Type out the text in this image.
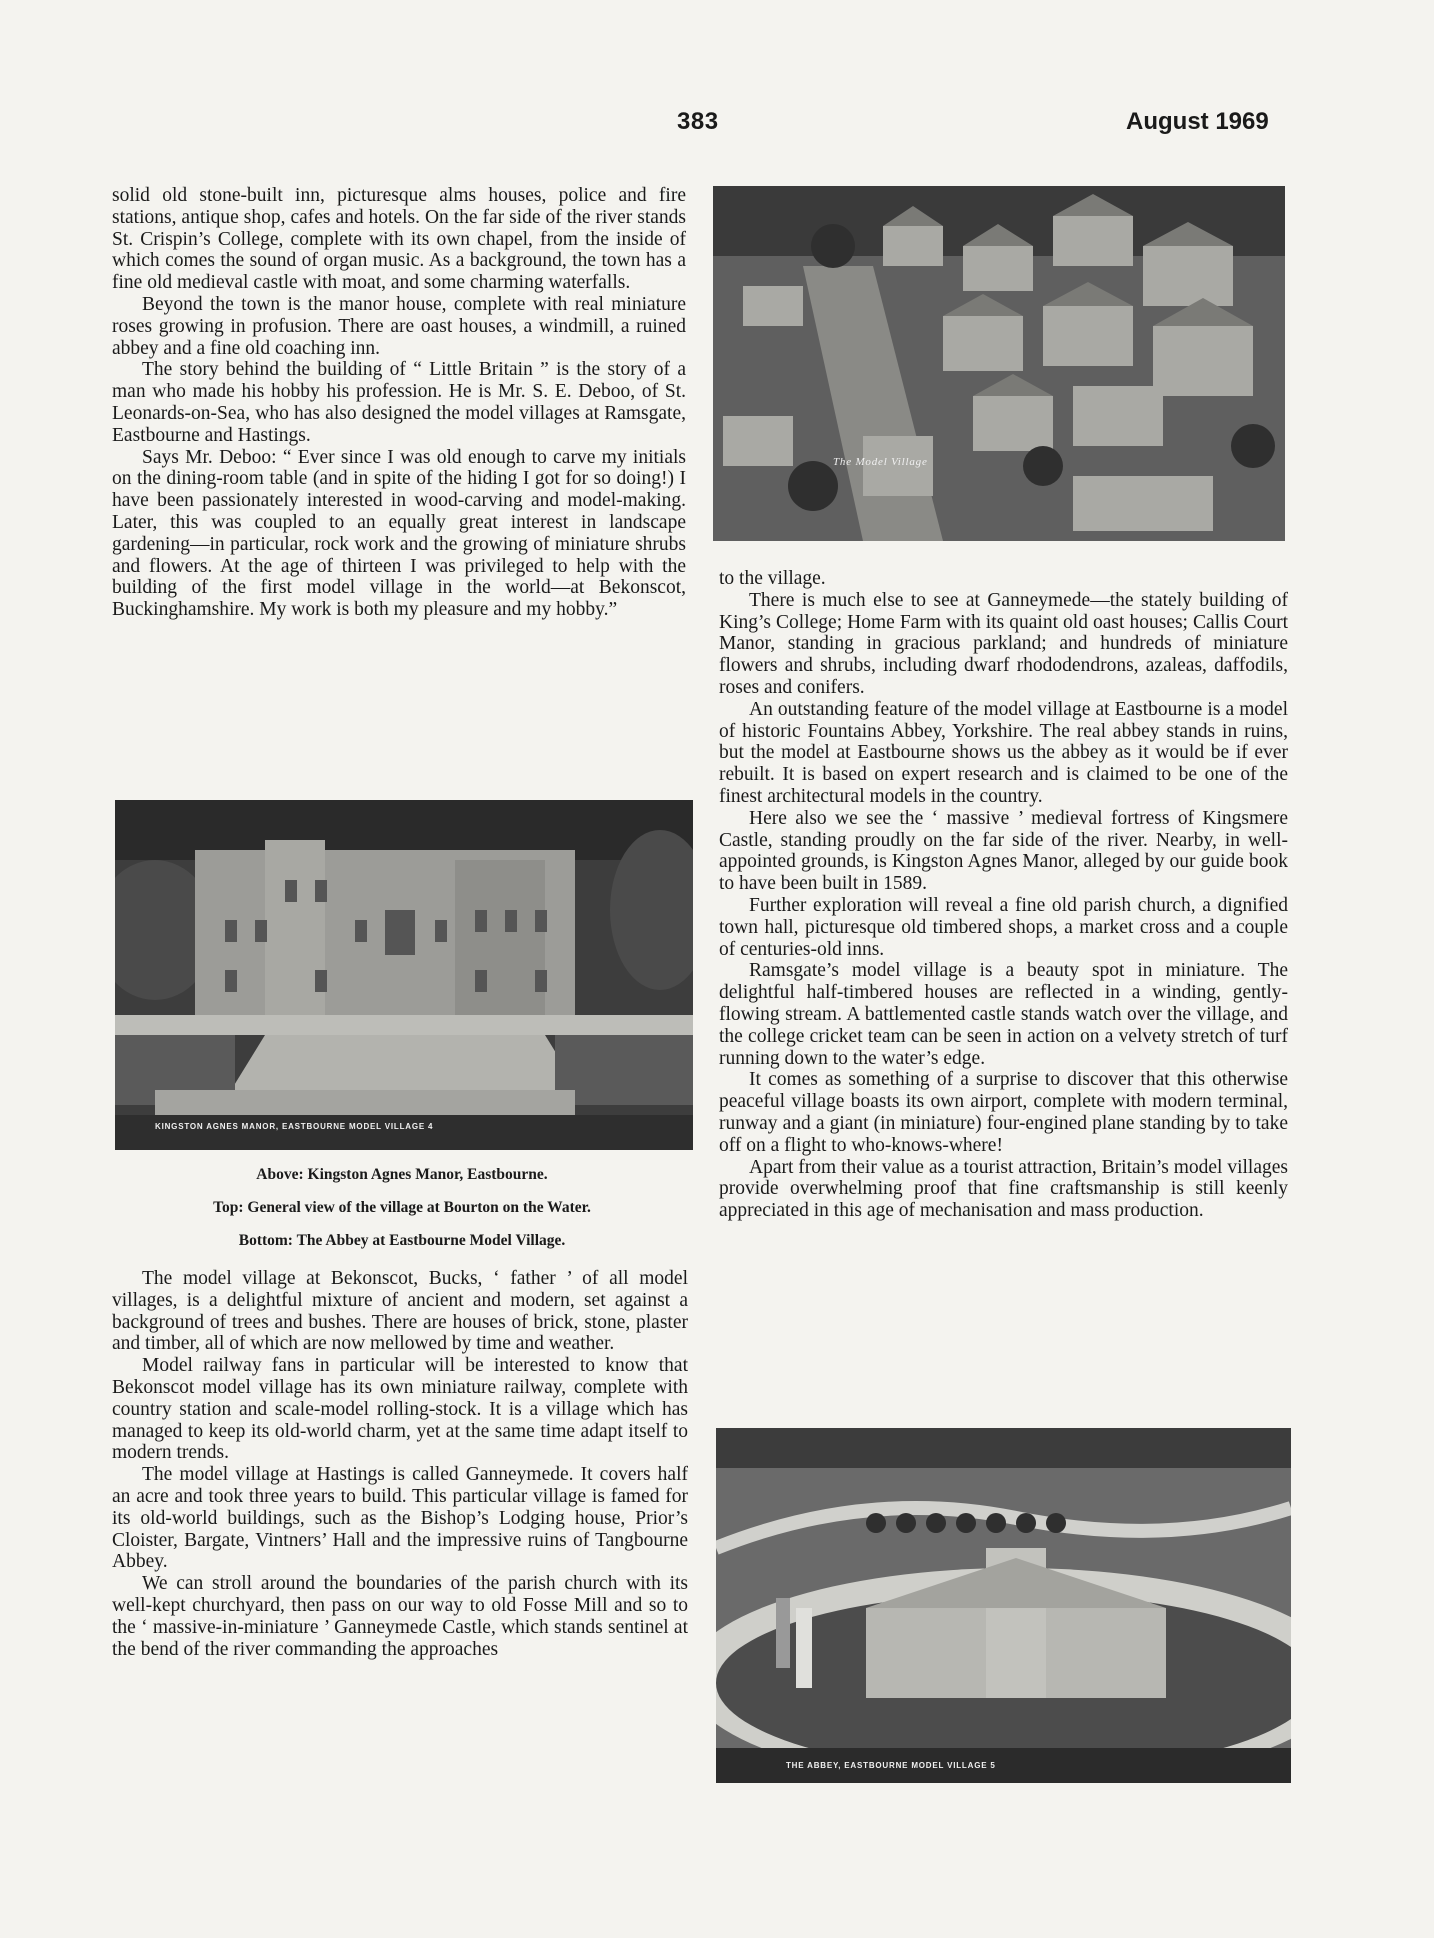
383	August 1969

solid old stone-built inn, picturesque alms houses, police and fire stations, antique shop, cafes and hotels. On the far side of the river stands St. Crispin’s College, complete with its own chapel, from the inside of which comes the sound of organ music. As a background, the town has a fine old medieval castle with moat, and some charming waterfalls.

Beyond the town is the manor house, complete with real miniature roses growing in profusion. There are oast houses, a windmill, a ruined abbey and a fine old coaching inn.

The story behind the building of “ Little Britain ” is the story of a man who made his hobby his profession. He is Mr. S. E. Deboo, of St. Leonards-on-Sea, who has also designed the model villages at Ramsgate, Eastbourne and Hastings.

Says Mr. Deboo: “ Ever since I was old enough to carve my initials on the dining-room table (and in spite of the hiding I got for so doing!) I have been passionately interested in wood-carving and model-making. Later, this was coupled to an equally great interest in landscape gardening—in particular, rock work and the growing of miniature shrubs and flowers. At the age of thirteen I was privileged to help with the building of the first model village in the world—at Bekonscot, Buckinghamshire. My work is both my pleasure and my hobby.”

KINGSTON AGNES MANOR, EASTBOURNE MODEL VILLAGE 4
Above: Kingston Agnes Manor, Eastbourne.
Top: General view of the village at Bourton on the Water.
Bottom: The Abbey at Eastbourne Model Village.

The model village at Bekonscot, Bucks, ‘ father ’ of all model villages, is a delightful mixture of ancient and modern, set against a background of trees and bushes. There are houses of brick, stone, plaster and timber, all of which are now mellowed by time and weather.

Model railway fans in particular will be interested to know that Bekonscot model village has its own miniature railway, complete with country station and scale-model rolling-stock. It is a village which has managed to keep its old-world charm, yet at the same time adapt itself to modern trends.

The model village at Hastings is called Ganneymede. It covers half an acre and took three years to build. This particular village is famed for its old-world buildings, such as the Bishop’s Lodging house, Prior’s Cloister, Bargate, Vintners’ Hall and the impressive ruins of Tangbourne Abbey.

We can stroll around the boundaries of the parish church with its well-kept churchyard, then pass on our way to old Fosse Mill and so to the ‘ massive-in-miniature ’ Ganneymede Castle, which stands sentinel at the bend of the river commanding the approaches

The Model Village

to the village.

There is much else to see at Ganneymede—the stately building of King’s College; Home Farm with its quaint old oast houses; Callis Court Manor, standing in gracious parkland; and hundreds of miniature flowers and shrubs, including dwarf rhododendrons, azaleas, daffodils, roses and conifers.

An outstanding feature of the model village at Eastbourne is a model of historic Fountains Abbey, Yorkshire. The real abbey stands in ruins, but the model at Eastbourne shows us the abbey as it would be if ever rebuilt. It is based on expert research and is claimed to be one of the finest architectural models in the country.

Here also we see the ‘ massive ’ medieval fortress of Kingsmere Castle, standing proudly on the far side of the river. Nearby, in well-appointed grounds, is Kingston Agnes Manor, alleged by our guide book to have been built in 1589.

Further exploration will reveal a fine old parish church, a dignified town hall, picturesque old timbered shops, a market cross and a couple of centuries-old inns.

Ramsgate’s model village is a beauty spot in miniature. The delightful half-timbered houses are reflected in a winding, gently-flowing stream. A battlemented castle stands watch over the village, and the college cricket team can be seen in action on a velvety stretch of turf running down to the water’s edge.

It comes as something of a surprise to discover that this otherwise peaceful village boasts its own airport, complete with modern terminal, runway and a giant (in miniature) four-engined plane standing by to take off on a flight to who-knows-where!

Apart from their value as a tourist attraction, Britain’s model villages provide overwhelming proof that fine craftsmanship is still keenly appreciated in this age of mechanisation and mass production.

THE ABBEY, EASTBOURNE MODEL VILLAGE 5
